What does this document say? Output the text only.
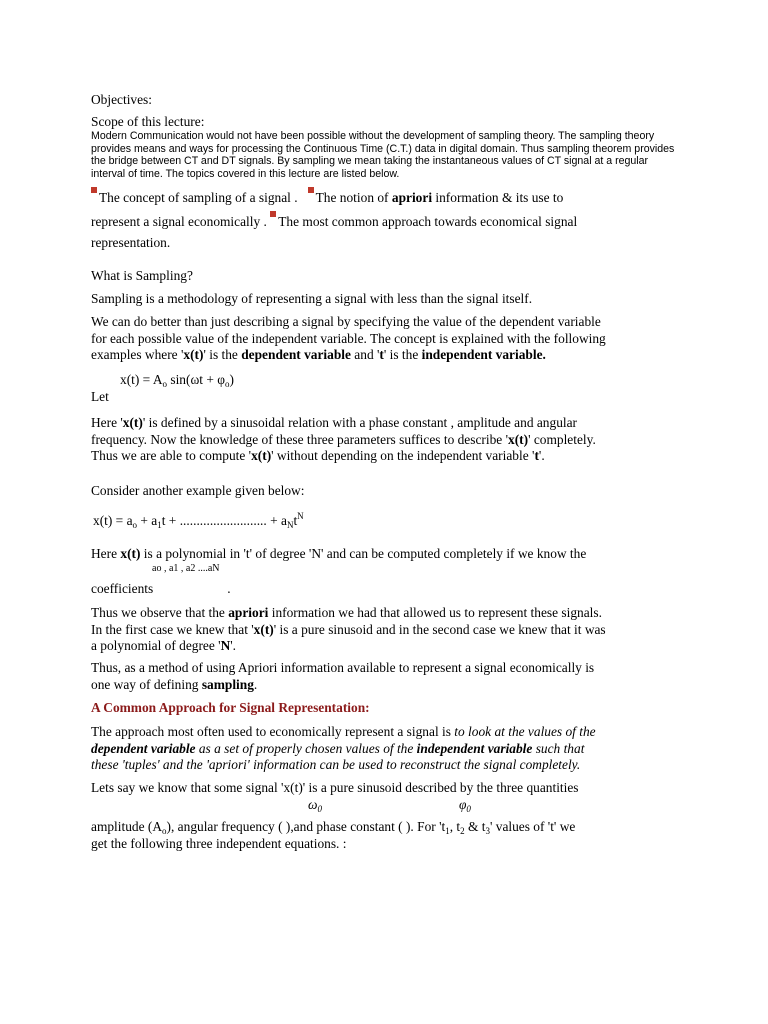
Objectives:
Scope of this lecture:
Modern Communication would not have been possible without the development of sampling theory. The sampling theory provides means and ways for processing the Continuous Time (C.T.) data in digital domain. Thus sampling theorem provides the bridge between CT and DT signals. By sampling we mean taking the instantaneous values of CT signal at a regular interval of time. The topics covered in this lecture are listed below.
The concept of sampling of a signal . The notion of apriori information & its use to
represent a signal economically . The most common approach towards economical signal
representation.
What is Sampling?
Sampling is a methodology of representing a signal with less than the signal itself.

We can do better than just describing a signal by specifying the value of the dependent variable

for each possible value of the independent variable. The concept is explained with the following

examples where 'x(t)' is the dependent variable and 't' is the independent variable.

$x(t) = A_o$ $\sin(\omega t + \varphi_o)$
Let

Here 'x(t)' is defined by a sinusoidal relation with a phase constant , amplitude and angular

frequency. Now the knowledge of these three parameters suffices to describe 'x(t)' completely.

Thus we are able to compute 'x(t)' without depending on the independent variable 't'.

Consider another example given below:
$x(t) = a_o + a_1t$ + .......................... + $a_Nt^N$

Here x(t) is a polynomial in 't' of degree 'N' and can be computed completely if we know the

ao , a1 , a2 ....aN
coefficients	.

Thus we observe that the apriori information we had that allowed us to represent these signals.

In the first case we knew that 'x(t)' is a pure sinusoid and in the second case we knew that it was

a polynomial of degree 'N'.

Thus, as a method of using Apriori information available to represent a signal economically is

one way of defining sampling.

A Common Approach for Signal Representation:

The approach most often used to economically represent a signal is to look at the values of the

dependent variable as a set of properly chosen values of the independent variable such that

these 'tuples' and the 'apriori' information can be used to reconstruct the signal completely.

Lets say we know that some signal 'x(t)' is a pure sinusoid described by the three quantities
$\omega_0$	$\varphi_0$
amplitude $(A_o)$, angular frequency ( ),and phase constant ( ). For '$t_1$, $t_2$ & $t_3'$ values of 't' we
get the following three independent equations. :
